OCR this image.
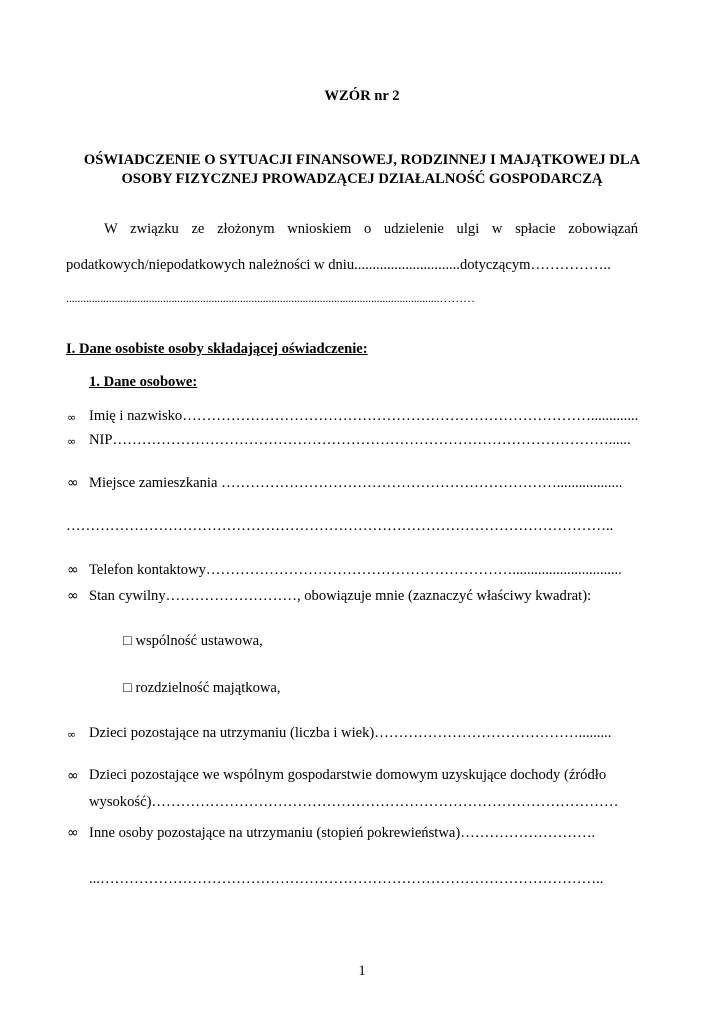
WZÓR nr 2

OŚWIADCZENIE O SYTUACJI FINANSOWEJ, RODZINNEJ I MAJĄTKOWEJ DLA

OSOBY FIZYCZNEJ PROWADZĄCEJ DZIAŁALNOŚĆ GOSPODARCZĄ

W związku ze złożonym wnioskiem o udzielenie ulgi w spłacie zobowiązań

podatkowych/niepodatkowych należności w dniu.............................dotyczącym……………..

...................................................................................................................................………

I. Dane osobiste osoby składającej oświadczenie:

1. Dane osobowe:

∞ Imię i nazwisko………………………………………………………………………….............

∞ NIP…………………………………………………………………………………………......

∞ Miejsce zamieszkania ……………………………………………………………..................

…………………………………………………………………………………………………..

∞ Telefon kontaktowy………………………………………………………..............................

∞ Stan cywilny………………………, obowiązuje mnie (zaznaczyć właściwy kwadrat):

□ wspólność ustawowa,

□ rozdzielność majątkowa,

∞ Dzieci pozostające na utrzymaniu (liczba i wiek)…………………………………….........

∞ Dzieci pozostające we wspólnym gospodarstwie domowym uzyskujące dochody (źródło

wysokość)……………………………………………………………………………………

∞ Inne osoby pozostające na utrzymaniu (stopień pokrewieństwa)……………………….

...…………………………………………………………………………………………..

1
